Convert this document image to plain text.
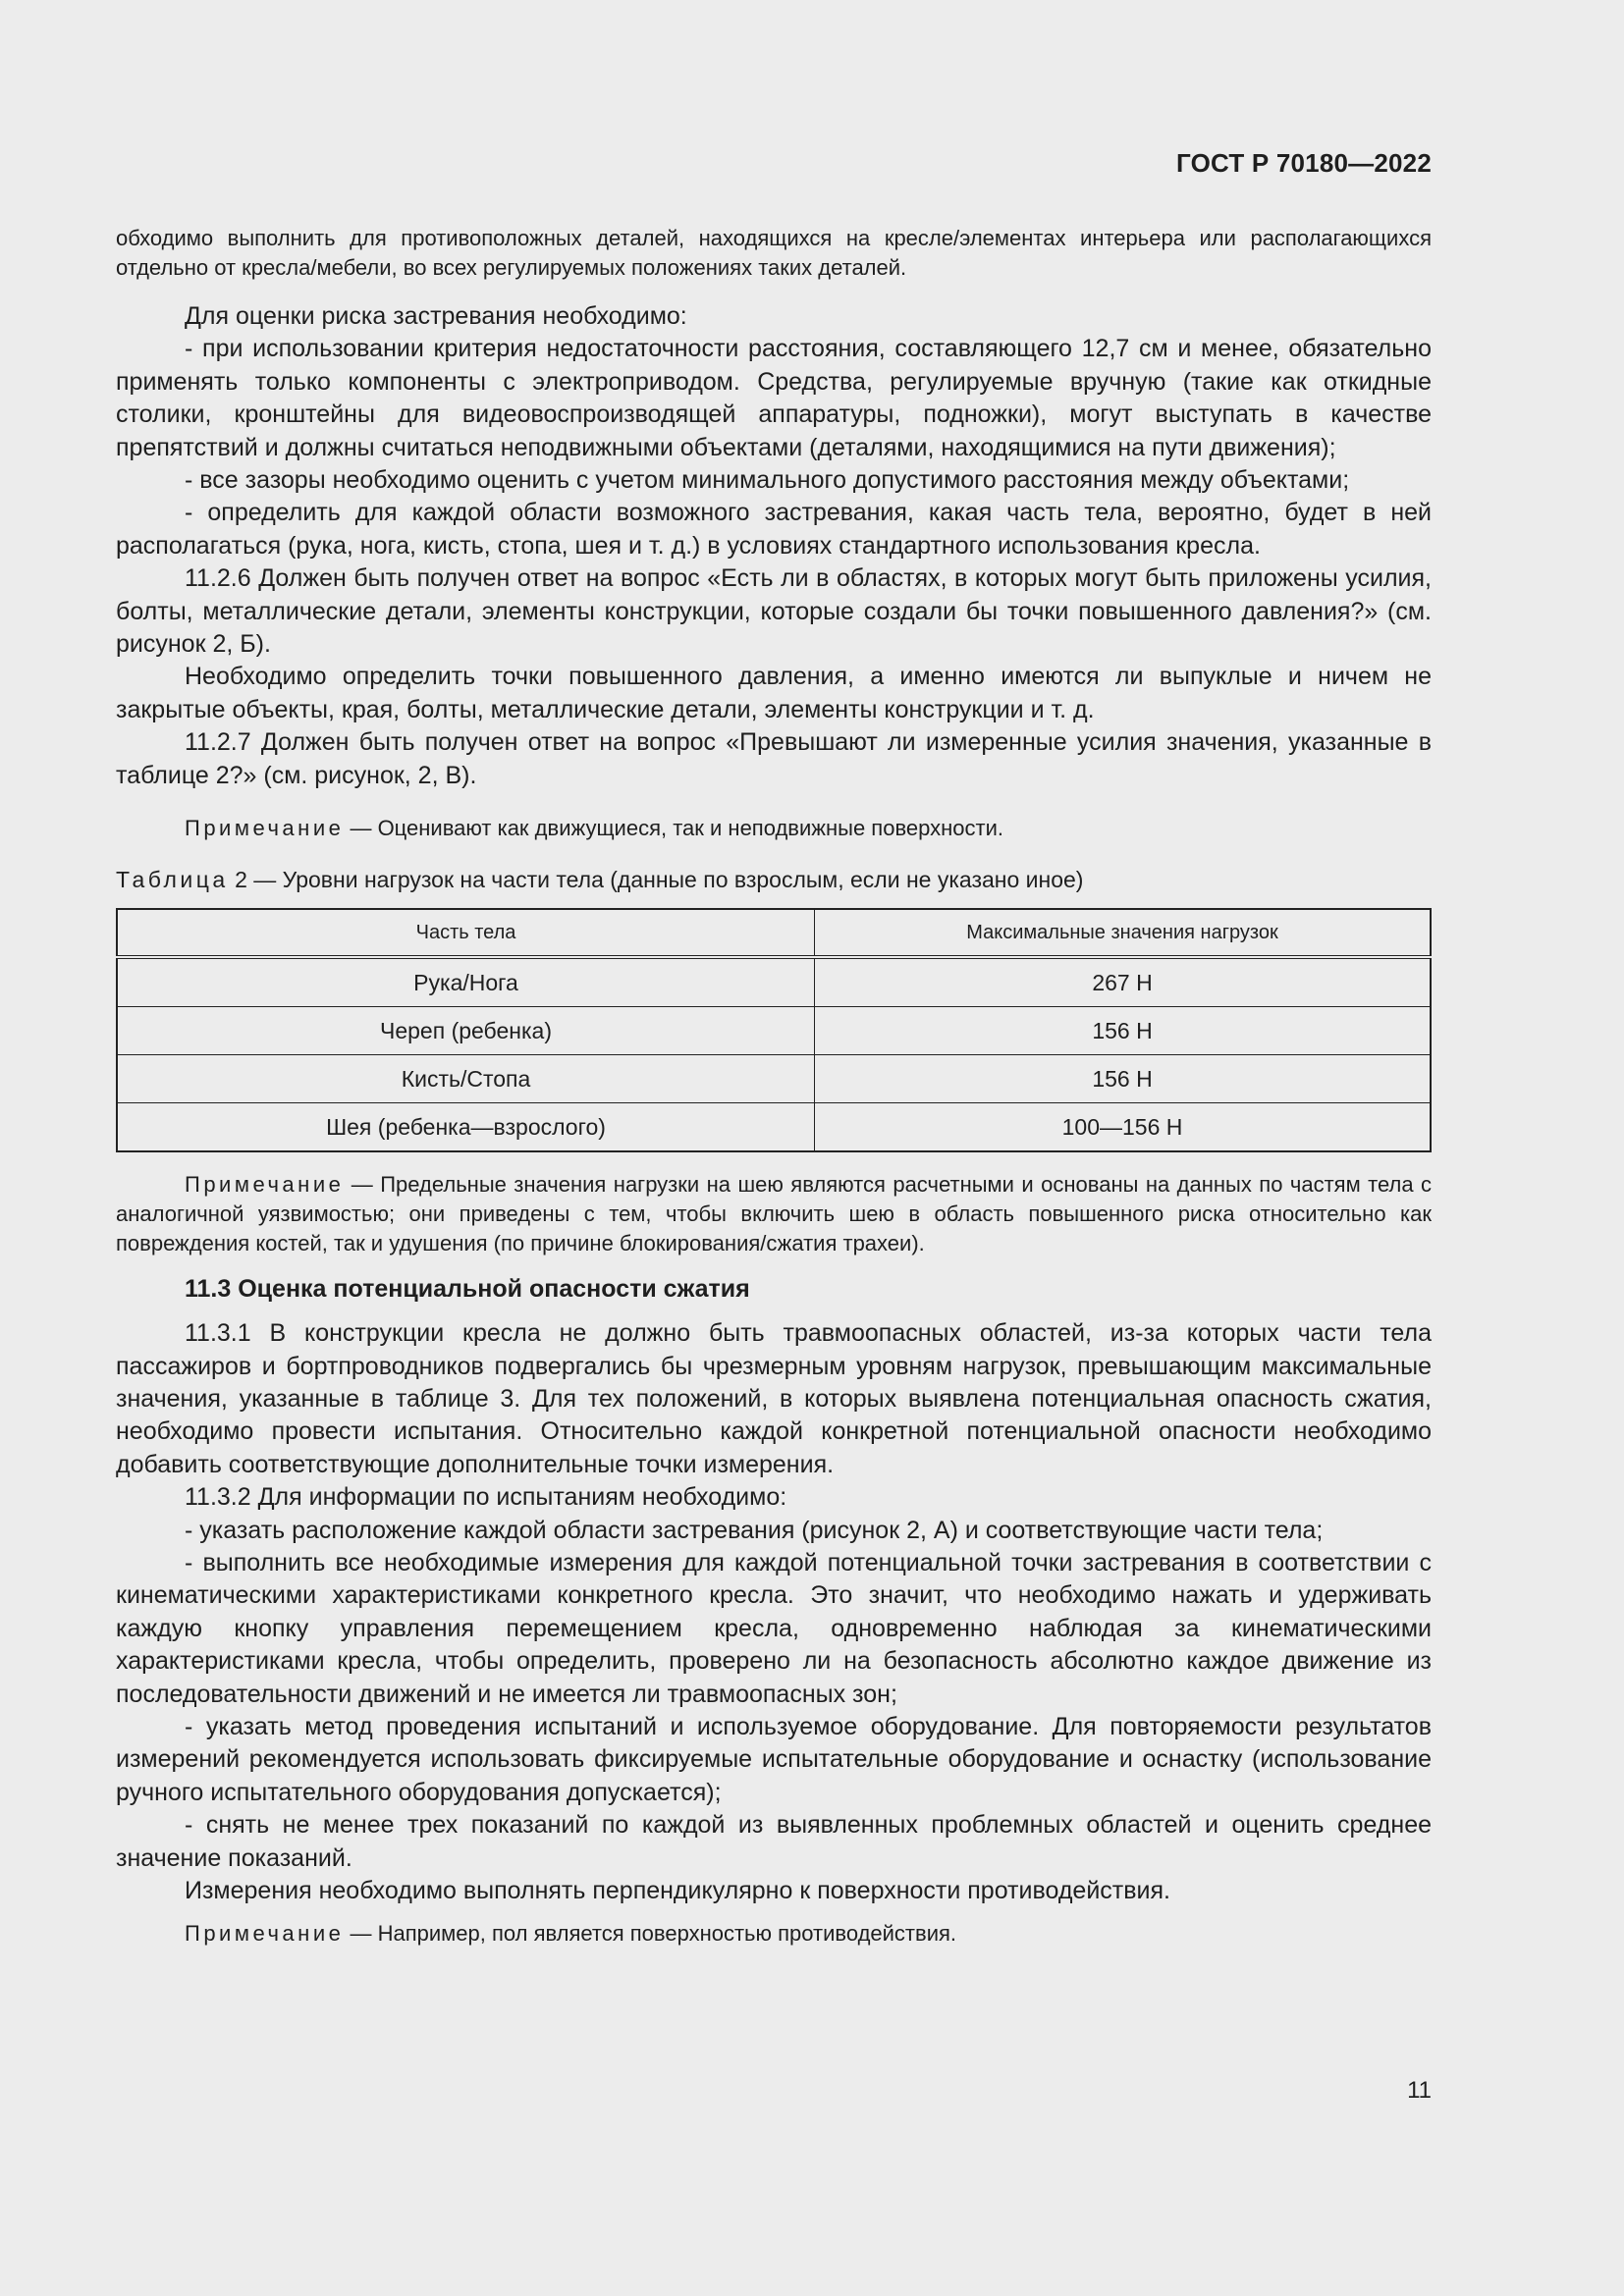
ГОСТ Р 70180—2022

обходимо выполнить для противоположных деталей, находящихся на кресле/элементах интерьера или располагающихся отдельно от кресла/мебели, во всех регулируемых положениях таких деталей.

Для оценки риска застревания необходимо:

- при использовании критерия недостаточности расстояния, составляющего 12,7 см и менее, обязательно применять только компоненты с электроприводом. Средства, регулируемые вручную (такие как откидные столики, кронштейны для видеовоспроизводящей аппаратуры, подножки), могут выступать в качестве препятствий и должны считаться неподвижными объектами (деталями, находящимися на пути движения);

- все зазоры необходимо оценить с учетом минимального допустимого расстояния между объектами;

- определить для каждой области возможного застревания, какая часть тела, вероятно, будет в ней располагаться (рука, нога, кисть, стопа, шея и т. д.) в условиях стандартного использования кресла.

11.2.6 Должен быть получен ответ на вопрос «Есть ли в областях, в которых могут быть приложены усилия, болты, металлические детали, элементы конструкции, которые создали бы точки повышенного давления?» (см. рисунок 2, Б).

Необходимо определить точки повышенного давления, а именно имеются ли выпуклые и ничем не закрытые объекты, края, болты, металлические детали, элементы конструкции и т. д.

11.2.7 Должен быть получен ответ на вопрос «Превышают ли измеренные усилия значения, указанные в таблице 2?» (см. рисунок, 2, В).

Примечание — Оценивают как движущиеся, так и неподвижные поверхности.

Таблица 2 — Уровни нагрузок на части тела (данные по взрослым, если не указано иное)

Часть тела	Максимальные значения нагрузок
Рука/Нога	267 Н
Череп (ребенка)	156 Н
Кисть/Стопа	156 Н
Шея (ребенка—взрослого)	100—156 Н

Примечание — Предельные значения нагрузки на шею являются расчетными и основаны на данных по частям тела с аналогичной уязвимостью; они приведены с тем, чтобы включить шею в область повышенного риска относительно как повреждения костей, так и удушения (по причине блокирования/сжатия трахеи).

11.3 Оценка потенциальной опасности сжатия

11.3.1 В конструкции кресла не должно быть травмоопасных областей, из-за которых части тела пассажиров и бортпроводников подвергались бы чрезмерным уровням нагрузок, превышающим максимальные значения, указанные в таблице 3. Для тех положений, в которых выявлена потенциальная опасность сжатия, необходимо провести испытания. Относительно каждой конкретной потенциальной опасности необходимо добавить соответствующие дополнительные точки измерения.

11.3.2 Для информации по испытаниям необходимо:

- указать расположение каждой области застревания (рисунок 2, А) и соответствующие части тела;

- выполнить все необходимые измерения для каждой потенциальной точки застревания в соответствии с кинематическими характеристиками конкретного кресла. Это значит, что необходимо нажать и удерживать каждую кнопку управления перемещением кресла, одновременно наблюдая за кинематическими характеристиками кресла, чтобы определить, проверено ли на безопасность абсолютно каждое движение из последовательности движений и не имеется ли травмоопасных зон;

- указать метод проведения испытаний и используемое оборудование. Для повторяемости результатов измерений рекомендуется использовать фиксируемые испытательные оборудование и оснастку (использование ручного испытательного оборудования допускается);

- снять не менее трех показаний по каждой из выявленных проблемных областей и оценить среднее значение показаний.

Измерения необходимо выполнять перпендикулярно к поверхности противодействия.

Примечание — Например, пол является поверхностью противодействия.

11
